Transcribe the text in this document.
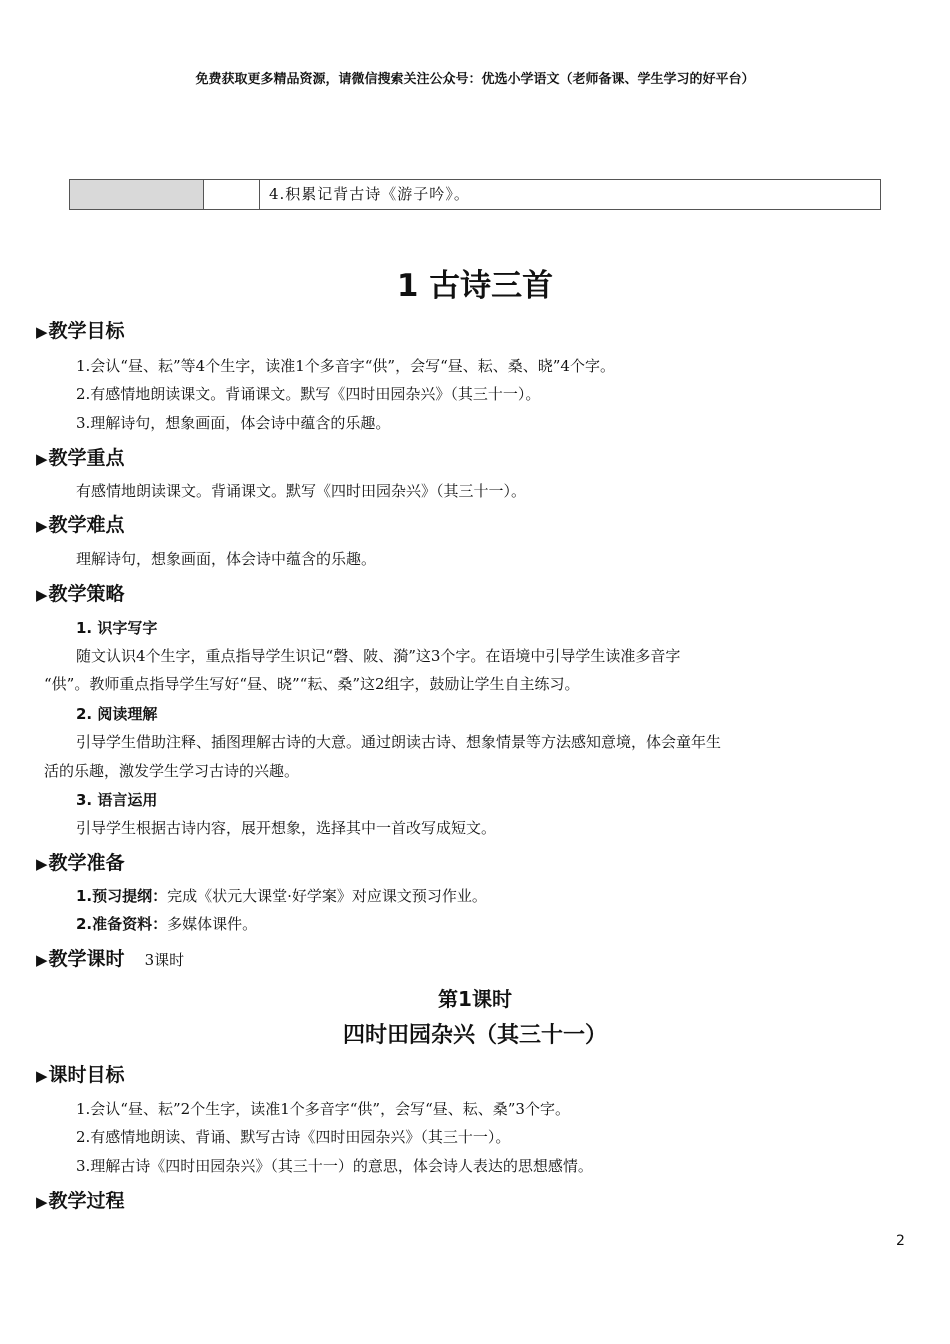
免费获取更多精品资源，请微信搜索关注公众号：优选小学语文（老师备课、学生学习的好平台）
4.积累记背古诗《游子吟》。
1 古诗三首
▶教学目标
1.会认“昼、耘”等4个生字，读准1个多音字“供”，会写“昼、耘、桑、晓”4个字。
2.有感情地朗读课文。背诵课文。默写《四时田园杂兴》（其三十一）。
3.理解诗句，想象画面，体会诗中蕴含的乐趣。
▶教学重点
有感情地朗读课文。背诵课文。默写《四时田园杂兴》（其三十一）。
▶教学难点
理解诗句，想象画面，体会诗中蕴含的乐趣。
▶教学策略
1. 识字写字
随文认识4个生字，重点指导学生识记“磬、陂、漪”这3个字。在语境中引导学生读准多音字
“供”。教师重点指导学生写好“昼、晓”“耘、桑”这2组字，鼓励让学生自主练习。
2. 阅读理解
引导学生借助注释、插图理解古诗的大意。通过朗读古诗、想象情景等方法感知意境，体会童年生
活的乐趣，激发学生学习古诗的兴趣。
3. 语言运用
引导学生根据古诗内容，展开想象，选择其中一首改写成短文。
▶教学准备
1.预习提纲：完成《状元大课堂·好学案》对应课文预习作业。
2.准备资料：多媒体课件。
▶教学课时 3课时
第1课时
四时田园杂兴（其三十一）
▶课时目标
1.会认“昼、耘”2个生字，读准1个多音字“供”，会写“昼、耘、桑”3个字。
2.有感情地朗读、背诵、默写古诗《四时田园杂兴》（其三十一）。
3.理解古诗《四时田园杂兴》（其三十一）的意思，体会诗人表达的思想感情。
▶教学过程
2
